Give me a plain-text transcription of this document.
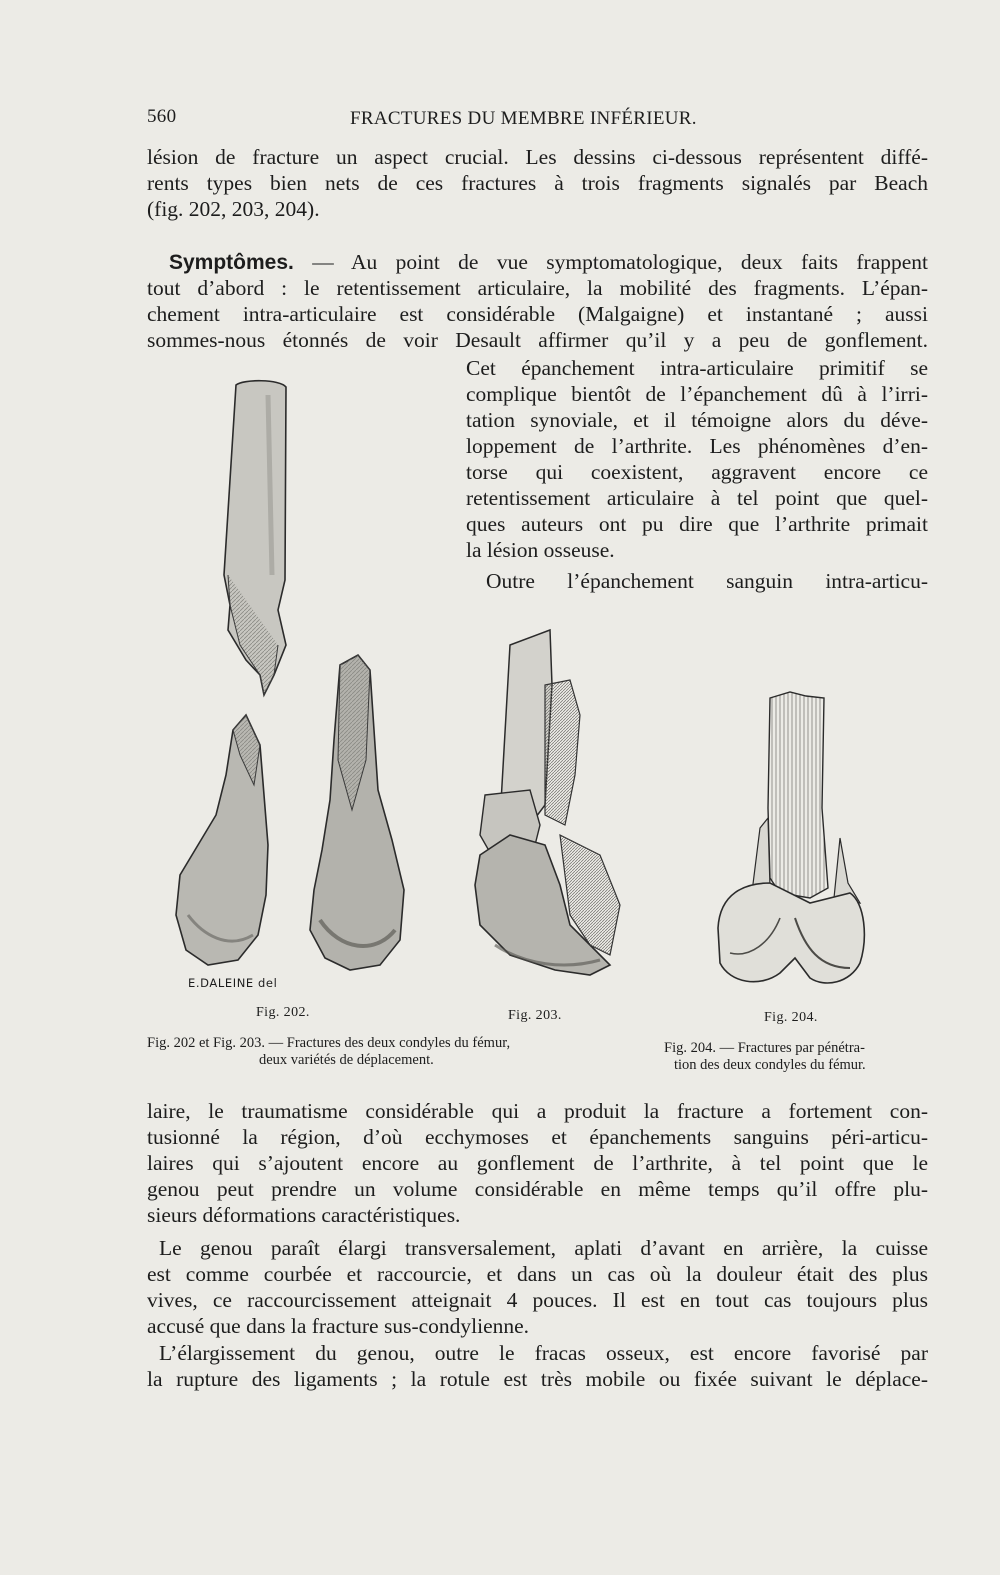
560	FRACTURES DU MEMBRE INFÉRIEUR.
lésion de fracture un aspect crucial. Les dessins ci-dessous représentent diffé-
rents types bien nets de ces fractures à trois fragments signalés par Beach
(fig. 202, 203, 204).
Symptômes. — Au point de vue symptomatologique, deux faits frappent
tout d’abord : le retentissement articulaire, la mobilité des fragments. L’épan-
chement intra-articulaire est considérable (Malgaigne) et instantané ; aussi
sommes-nous étonnés de voir Desault affirmer qu’il y a peu de gonflement.
Cet épanchement intra-articulaire primitif se
complique bientôt de l’épanchement dû à l’irri-
tation synoviale, et il témoigne alors du déve-
loppement de l’arthrite. Les phénomènes d’en-
torse qui coexistent, aggravent encore ce
retentissement articulaire à tel point que quel-
ques auteurs ont pu dire que l’arthrite primait
la lésion osseuse.
Outre l’épanchement sanguin intra-articu-
E.DALEINE del
Fig. 202.	Fig. 203.	Fig. 204.
Fig. 202 et Fig. 203. — Fractures des deux condyles du fémur,
deux variétés de déplacement.
Fig. 204. — Fractures par pénétra-
tion des deux condyles du fémur.
laire, le traumatisme considérable qui a produit la fracture a fortement con-
tusionné la région, d’où ecchymoses et épanchements sanguins péri-articu-
laires qui s’ajoutent encore au gonflement de l’arthrite, à tel point que le
genou peut prendre un volume considérable en même temps qu’il offre plu-
sieurs déformations caractéristiques.
Le genou paraît élargi transversalement, aplati d’avant en arrière, la cuisse
est comme courbée et raccourcie, et dans un cas où la douleur était des plus
vives, ce raccourcissement atteignait 4 pouces. Il est en tout cas toujours plus
accusé que dans la fracture sus-condylienne.
L’élargissement du genou, outre le fracas osseux, est encore favorisé par
la rupture des ligaments ; la rotule est très mobile ou fixée suivant le déplace-
